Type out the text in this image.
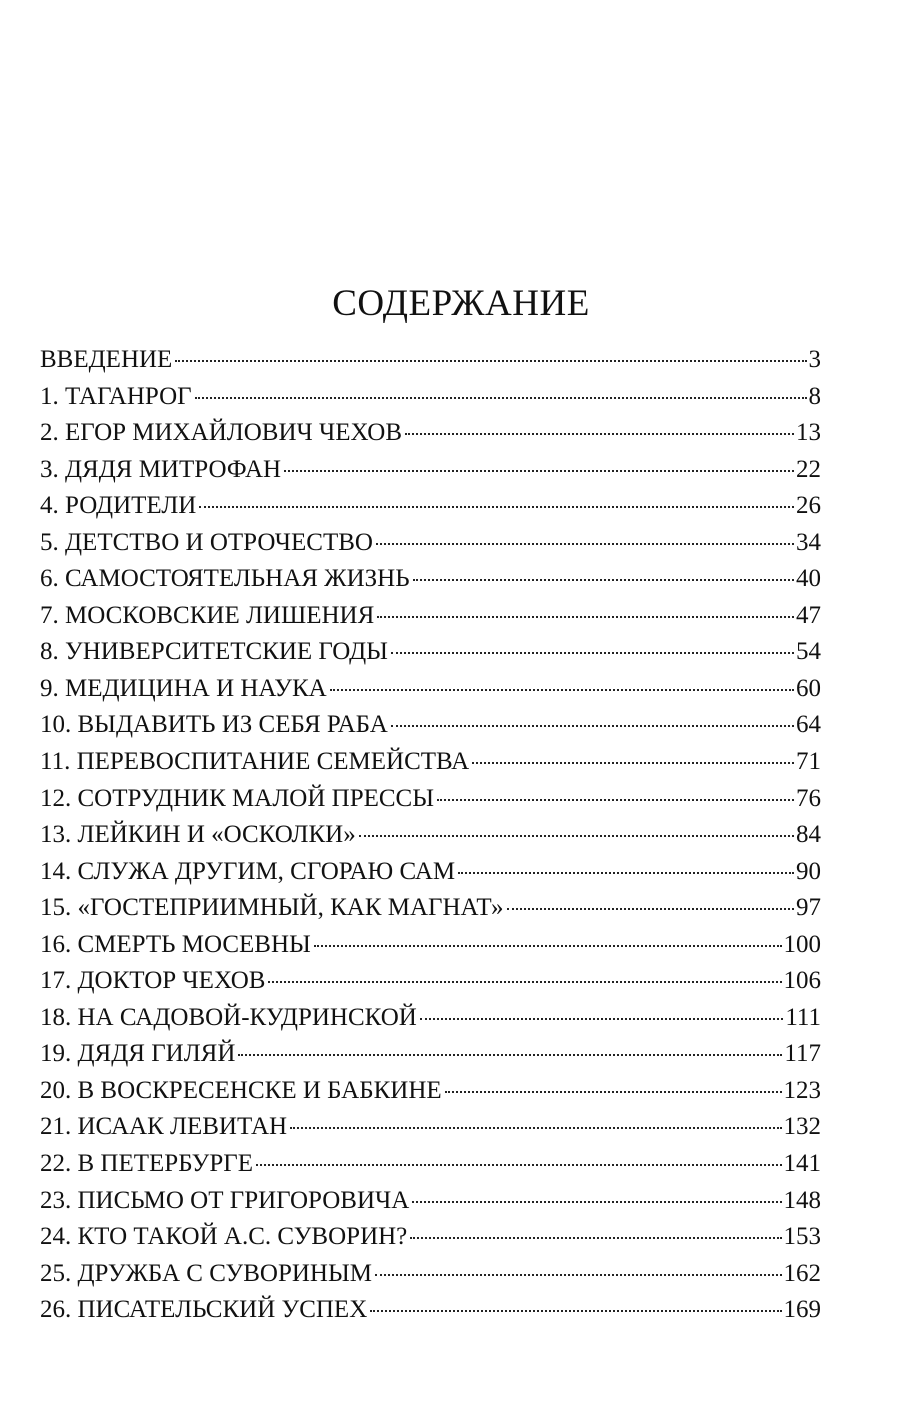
СОДЕРЖАНИЕ
ВВЕДЕНИЕ	3
1. ТАГАНРОГ	8
2. ЕГОР МИХАЙЛОВИЧ ЧЕХОВ	13
3. ДЯДЯ МИТРОФАН	22
4. РОДИТЕЛИ	26
5. ДЕТСТВО И ОТРОЧЕСТВО	34
6. САМОСТОЯТЕЛЬНАЯ ЖИЗНЬ	40
7. МОСКОВСКИЕ ЛИШЕНИЯ	47
8. УНИВЕРСИТЕТСКИЕ ГОДЫ	54
9. МЕДИЦИНА И НАУКА	60
10. ВЫДАВИТЬ ИЗ СЕБЯ РАБА	64
11. ПЕРЕВОСПИТАНИЕ СЕМЕЙСТВА	71
12. СОТРУДНИК МАЛОЙ ПРЕССЫ	76
13. ЛЕЙКИН И «ОСКОЛКИ»	84
14. СЛУЖА ДРУГИМ, СГОРАЮ САМ	90
15. «ГОСТЕПРИИМНЫЙ, КАК МАГНАТ»	97
16. СМЕРТЬ МОСЕВНЫ	100
17. ДОКТОР ЧЕХОВ	106
18. НА САДОВОЙ-КУДРИНСКОЙ	111
19. ДЯДЯ ГИЛЯЙ	117
20. В ВОСКРЕСЕНСКЕ И БАБКИНЕ	123
21. ИСААК ЛЕВИТАН	132
22. В ПЕТЕРБУРГЕ	141
23. ПИСЬМО ОТ ГРИГОРОВИЧА	148
24. КТО ТАКОЙ А.С. СУВОРИН?	153
25. ДРУЖБА С СУВОРИНЫМ	162
26. ПИСАТЕЛЬСКИЙ УСПЕХ	169
